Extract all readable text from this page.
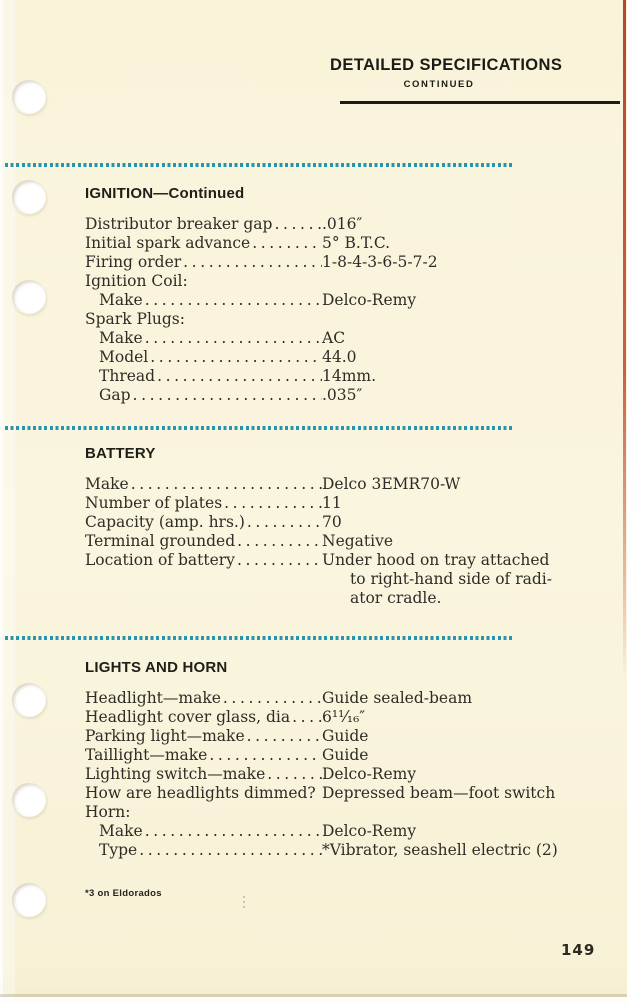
DETAILED SPECIFICATIONS
CONTINUED
IGNITION—Continued
Distributor breaker gap .....	.016″
Initial spark advance .....	5° B.T.C.
Firing order .....	1-8-4-3-6-5-7-2
Ignition Coil:
Make .....	Delco-Remy
Spark Plugs:
Make .....	AC
Model .....	44.0
Thread .....	14mm.
Gap .....	.035″
BATTERY
Make .....	Delco 3EMR70-W
Number of plates .....	11
Capacity (amp. hrs.) .....	70
Terminal grounded .....	Negative
Location of battery .....	Under hood on tray attached
to right-hand side of radi-
ator cradle.
LIGHTS AND HORN
Headlight—make .....	Guide sealed-beam
Headlight cover glass, dia ..... 6¹¹⁄₁₆″
Parking light—make .....	Guide
Taillight—make .....	Guide
Lighting switch—make .....	Delco-Remy
How are headlights dimmed? Depressed beam—foot switch
Horn:
Make .....	Delco-Remy
Type .....	*Vibrator, seashell electric (2)
*3 on Eldorados
149
